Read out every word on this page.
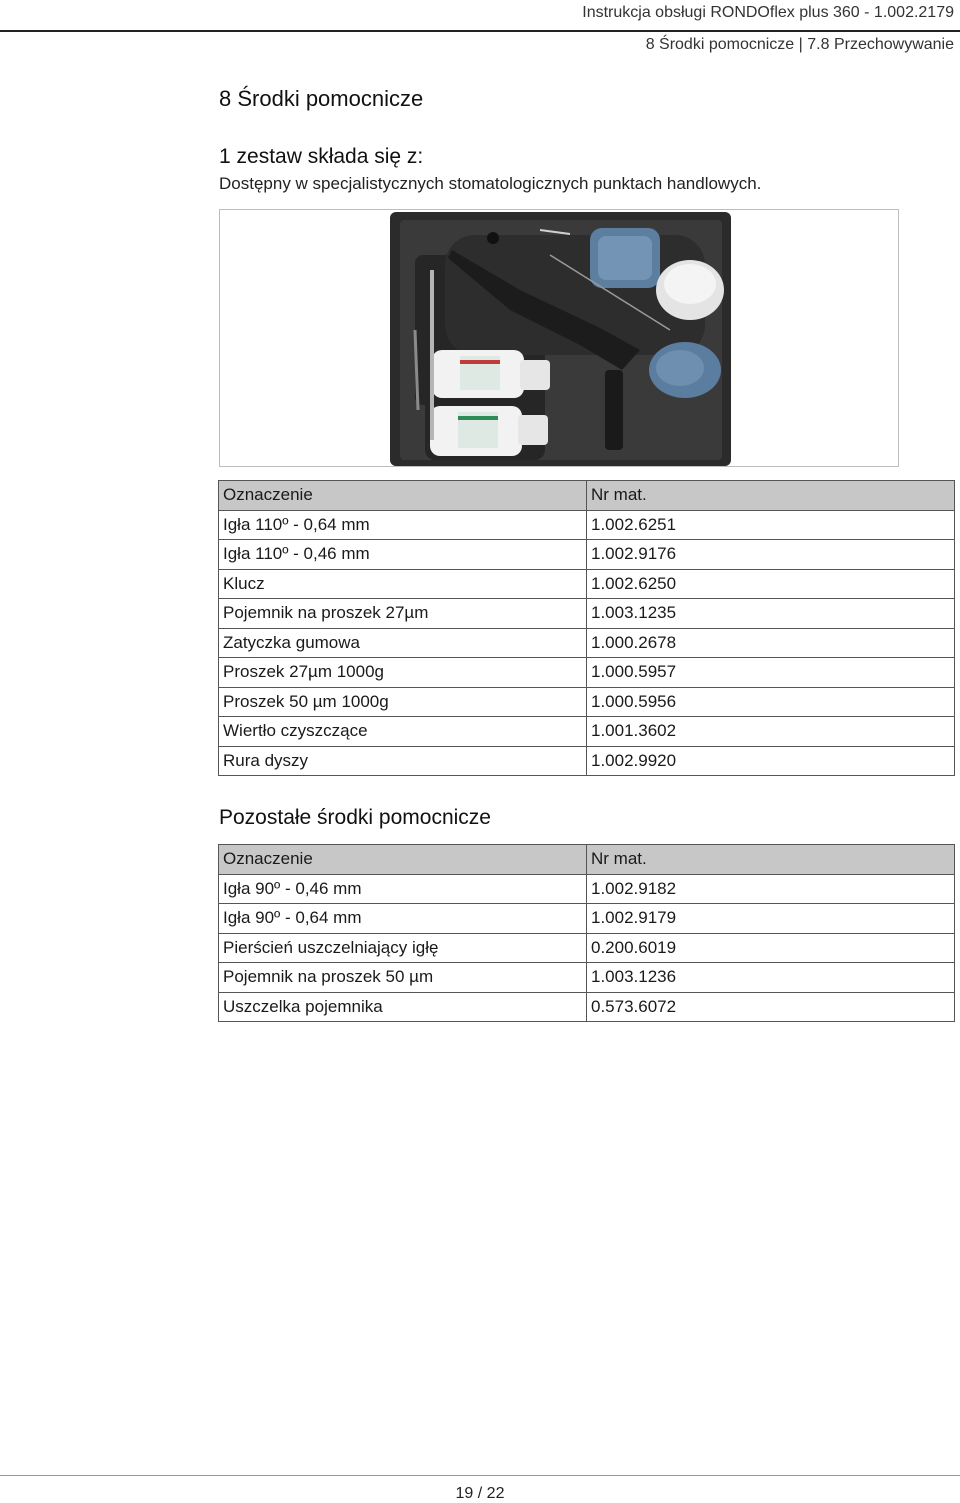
Instrukcja obsługi RONDOflex plus 360 - 1.002.2179
8 Środki pomocnicze | 7.8 Przechowywanie
8 Środki pomocnicze
1 zestaw składa się z:
Dostępny w specjalistycznych stomatologicznych punktach handlowych.
Oznaczenie	Nr mat.
Igła 110º - 0,64 mm	1.002.6251
Igła 110º - 0,46 mm	1.002.9176
Klucz	1.002.6250
Pojemnik na proszek 27µm	1.003.1235
Zatyczka gumowa	1.000.2678
Proszek 27µm 1000g	1.000.5957
Proszek 50 µm 1000g	1.000.5956
Wiertło czyszczące	1.001.3602
Rura dyszy	1.002.9920
Pozostałe środki pomocnicze
Oznaczenie	Nr mat.
Igła 90º - 0,46 mm	1.002.9182
Igła 90º - 0,64 mm	1.002.9179
Pierścień uszczelniający igłę	0.200.6019
Pojemnik na proszek 50 µm	1.003.1236
Uszczelka pojemnika	0.573.6072
19 / 22
